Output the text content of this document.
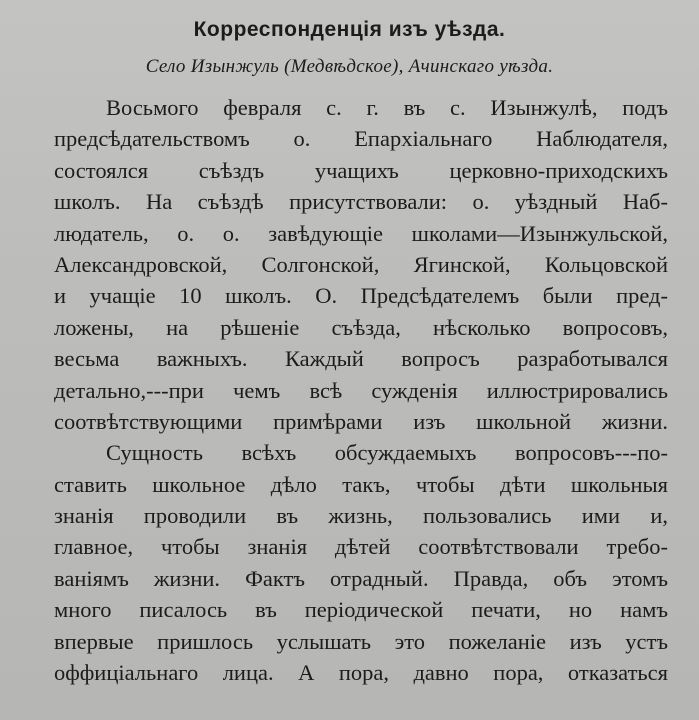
Корреспонденція изъ уѣзда.
Село Изынжуль (Медвѣдское), Ачинскаго уѣзда.
Восьмого февраля с. г. въ с. Изынжулѣ, подъ
предсѣдательствомъ о. Епархіальнаго Наблюдателя,
состоялся съѣздъ учащихъ церковно-приходскихъ
школъ. На съѣздѣ присутствовали: о. уѣздный Наб-
людатель, о. о. завѣдующіе школами—Изынжульской,
Александровской, Солгонской, Ягинской, Кольцовской
и учащіе 10 школъ. О. Предсѣдателемъ были пред-
ложены, на рѣшеніе съѣзда, нѣсколько вопросовъ,
весьма важныхъ. Каждый вопросъ разработывался
детально,---при чемъ всѣ сужденія иллюстрировались
соотвѣтствующими примѣрами изъ школьной жизни.
Сущность всѣхъ обсуждаемыхъ вопросовъ---по-
ставить школьное дѣло такъ, чтобы дѣти школьныя
знанія проводили въ жизнь, пользовались ими и,
главное, чтобы знанія дѣтей соотвѣтствовали требо-
ваніямъ жизни. Фактъ отрадный. Правда, объ этомъ
много писалось въ періодической печати, но намъ
впервые пришлось услышать это пожеланіе изъ устъ
оффиціальнаго лица. А пора, давно пора, отказаться
